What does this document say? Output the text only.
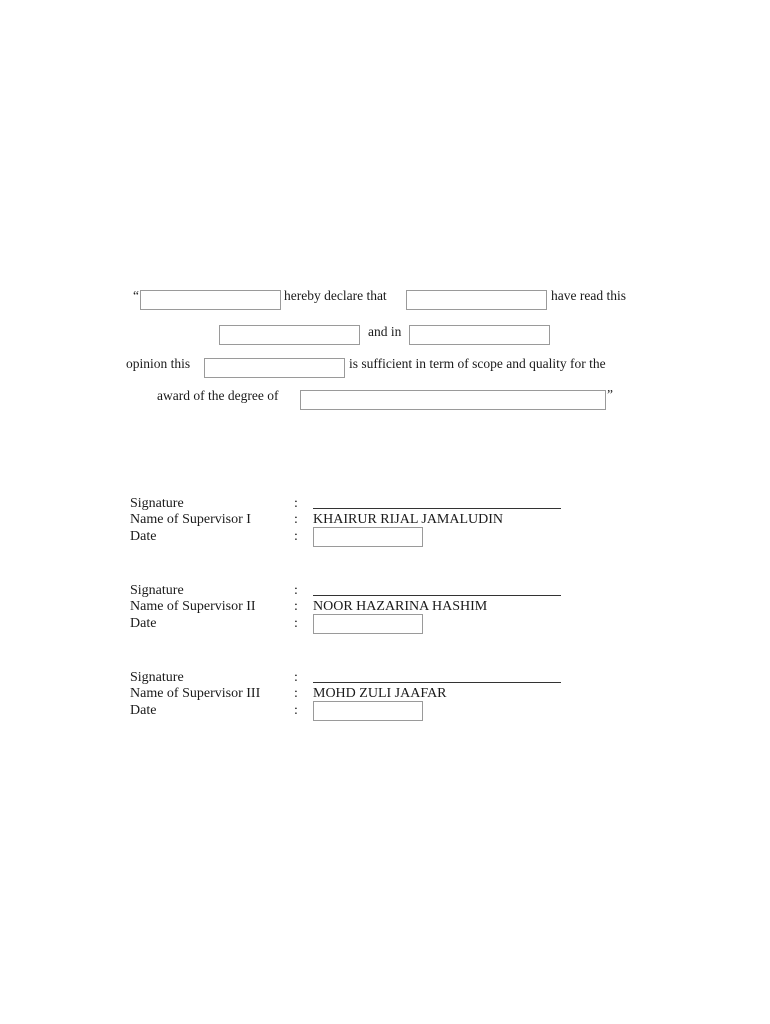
“	hereby declare that	have read this
and in
opinion this	is sufficient in term of scope and quality for the
award of the degree of	”
Signature	:
Name of Supervisor I	: KHAIRUR RIJAL JAMALUDIN
Date	:
Signature	:
Name of Supervisor II	: NOOR HAZARINA HASHIM
Date	:
Signature	:
Name of Supervisor III : MOHD ZULI JAAFAR
Date	:
